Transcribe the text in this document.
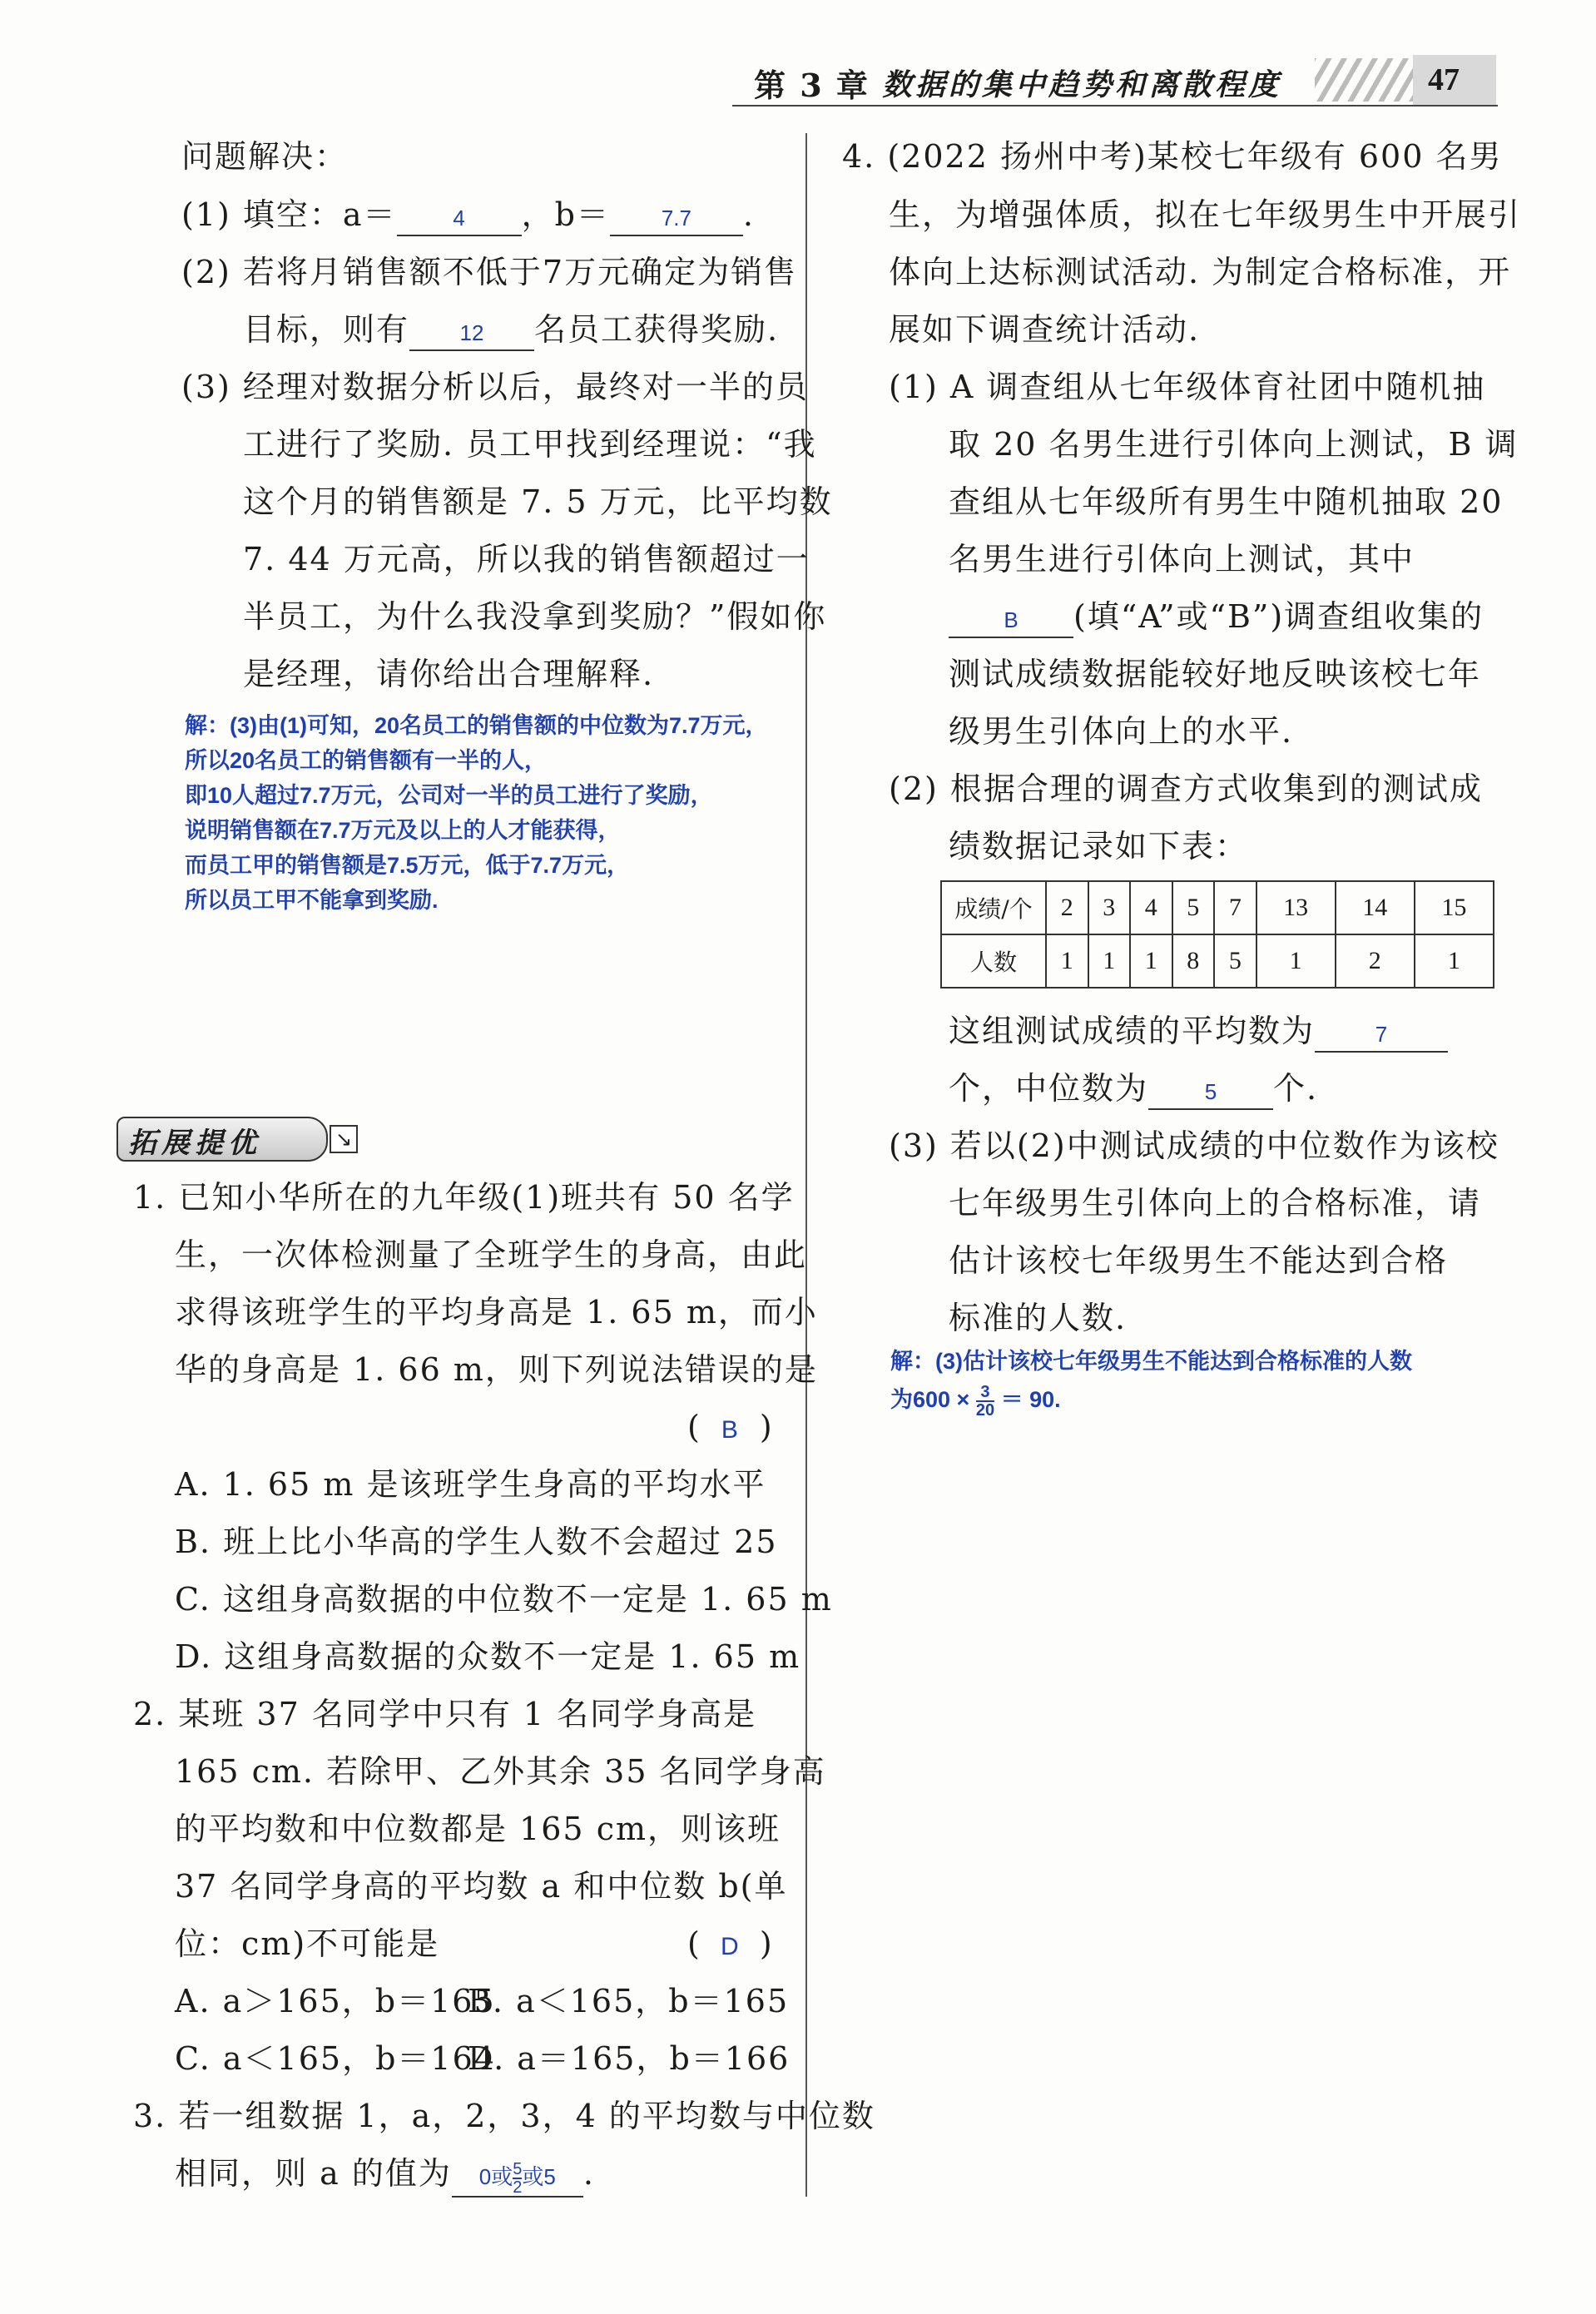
第 3 章 数据的集中趋势和离散程度	47
问题解决：
(1) 填空：a＝	4 ，b＝ 7.7 .
(2) 若将月销售额不低于7万元确定为销售
目标，则有 12 名员工获得奖励.
(3) 经理对数据分析以后，最终对一半的员
工进行了奖励. 员工甲找到经理说：“我
这个月的销售额是 7. 5 万元，比平均数
7. 44 万元高，所以我的销售额超过一
半员工，为什么我没拿到奖励？”假如你
是经理，请你给出合理解释.
解：(3)由(1)可知，20名员工的销售额的中位数为7.7万元，
所以20名员工的销售额有一半的人，
即10人超过7.7万元，公司对一半的员工进行了奖励，
说明销售额在7.7万元及以上的人才能获得，
而员工甲的销售额是7.5万元，低于7.7万元，
所以员工甲不能拿到奖励.
拓展提优	↘
1. 已知小华所在的九年级(1)班共有 50 名学
生，一次体检测量了全班学生的身高，由此
求得该班学生的平均身高是 1. 65 m，而小
华的身高是 1. 66 m，则下列说法错误的是
( B )
A. 1. 65 m 是该班学生身高的平均水平
B. 班上比小华高的学生人数不会超过 25
C. 这组身高数据的中位数不一定是 1. 65 m
D. 这组身高数据的众数不一定是 1. 65 m
2. 某班 37 名同学中只有 1 名同学身高是
165 cm. 若除甲、乙外其余 35 名同学身高
的平均数和中位数都是 165 cm，则该班
37 名同学身高的平均数 a 和中位数 b(单
位：cm)不可能是	( D )
A. a＞165，b＝165
B. a＜165，b＝165
C. a＜165，b＝164
D. a＝165，b＝166
3. 若一组数据 1，a，2，3，4 的平均数与中位数
相同，则 a 的值为 0或 $\frac{5}{2}$ 或5 .
4. (2022 扬州中考)某校七年级有 600 名男
生，为增强体质，拟在七年级男生中开展引
体向上达标测试活动. 为制定合格标准，开
展如下调查统计活动.
(1) A 调查组从七年级体育社团中随机抽
取 20 名男生进行引体向上测试，B 调
查组从七年级所有男生中随机抽取 20
名男生进行引体向上测试，其中
B (填“A”或“B”)调查组收集的
测试成绩数据能较好地反映该校七年
级男生引体向上的水平.
(2) 根据合理的调查方式收集到的测试成
绩数据记录如下表：
成绩/个	2	3	4	5	7	13	14	15
人数	1	1	1	8	5	1	2	1
这组测试成绩的平均数为	7
个，中位数为	5 个.
(3) 若以(2)中测试成绩的中位数作为该校
七年级男生引体向上的合格标准，请
估计该校七年级男生不能达到合格
标准的人数.
解：(3)估计该校七年级男生不能达到合格标准的人数
为$600 \times \frac{3}{20} = 90$.
